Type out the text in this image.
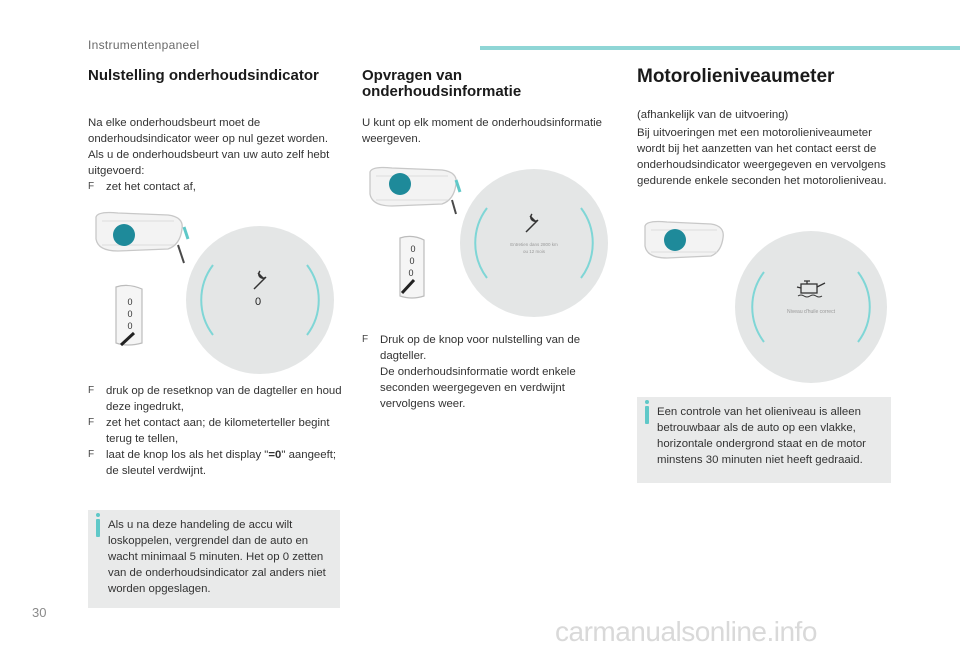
Instrumentenpaneel
Nulstelling onderhoudsindicator
Na elke onderhoudsbeurt moet de onderhoudsindicator weer op nul gezet worden. Als u de onderhoudsbeurt van uw auto zelf hebt uitgevoerd:
F zet het contact af,
0
0
0
0
F druk op de resetknop van de dagteller en houd deze ingedrukt,
F zet het contact aan; de kilometerteller begint terug te tellen,
F laat de knop los als het display "=0" aangeeft; de sleutel verdwijnt.
Als u na deze handeling de accu wilt loskoppelen, vergrendel dan de auto en wacht minimaal 5 minuten. Het op 0 zetten van de onderhoudsindicator zal anders niet worden opgeslagen.
Opvragen van
onderhoudsinformatie
U kunt op elk moment de onderhoudsinformatie weergeven.
Entretien dans 2800 km
ou 12 mois
0
0
0
F Druk op de knop voor nulstelling van de dagteller.
De onderhoudsinformatie wordt enkele seconden weergegeven en verdwijnt vervolgens weer.
Motorolieniveaumeter
(afhankelijk van de uitvoering)
Bij uitvoeringen met een motorolieniveaumeter wordt bij het aanzetten van het contact eerst de onderhoudsindicator weergegeven en vervolgens gedurende enkele seconden het motorolieniveau.
Niveau d'huile correct
Een controle van het olieniveau is alleen betrouwbaar als de auto op een vlakke, horizontale ondergrond staat en de motor minstens 30 minuten niet heeft gedraaid.
30
carmanualsonline.info
